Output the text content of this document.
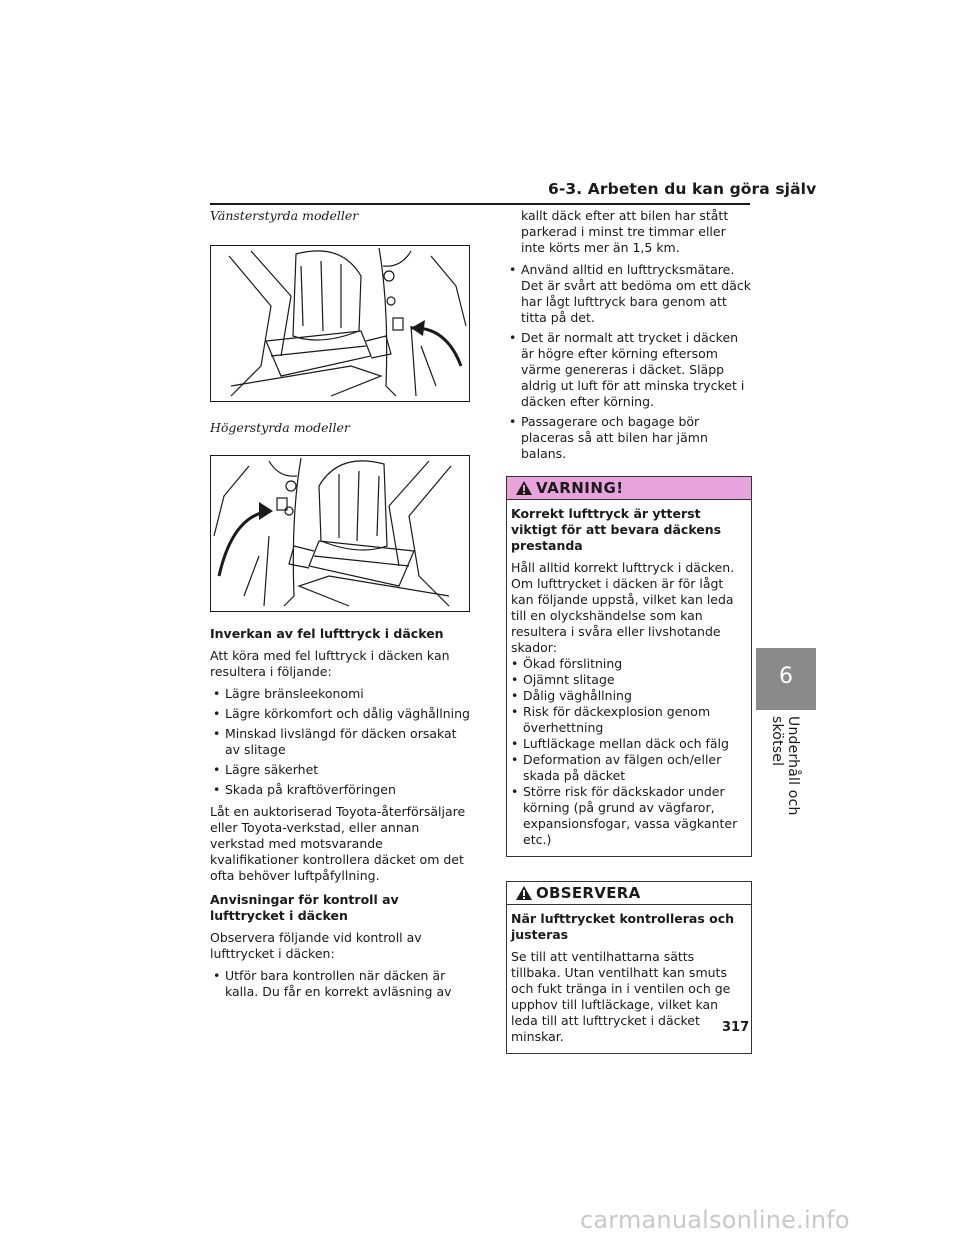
6-3. Arbeten du kan göra själv
6
Underhåll och skötsel

Vänsterstyrda modeller

Högerstyrda modeller

Inverkan av fel lufttryck i däcken

Att köra med fel lufttryck i däcken kan resultera i följande:

• Lägre bränsleekonomi
• Lägre körkomfort och dålig väghållning
• Minskad livslängd för däcken orsakat av slitage
• Lägre säkerhet
• Skada på kraftöverföringen

Låt en auktoriserad Toyota-återförsäljare eller Toyota-verkstad, eller annan verkstad med motsvarande kvalifikationer kontrollera däcket om det ofta behöver luftpåfyllning.

Anvisningar för kontroll av lufttrycket i däcken

Observera följande vid kontroll av lufttrycket i däcken:

• Utför bara kontrollen när däcken är kalla. Du får en korrekt avläsning av

kallt däck efter att bilen har stått parkerad i minst tre timmar eller inte körts mer än 1,5 km.

• Använd alltid en lufttrycksmätare. Det är svårt att bedöma om ett däck har lågt lufttryck bara genom att titta på det.
• Det är normalt att trycket i däcken är högre efter körning eftersom värme genereras i däcket. Släpp aldrig ut luft för att minska trycket i däcken efter körning.
• Passagerare och bagage bör placeras så att bilen har jämn balans.
VARNING!

Korrekt lufttryck är ytterst viktigt för att bevara däckens prestanda

Håll alltid korrekt lufttryck i däcken. Om lufttrycket i däcken är för lågt kan följande uppstå, vilket kan leda till en olyckshändelse som kan resultera i svåra eller livshotande skador:

• Ökad förslitning
• Ojämnt slitage
• Dålig väghållning
• Risk för däckexplosion genom överhettning
• Luftläckage mellan däck och fälg
• Deformation av fälgen och/eller skada på däcket
• Större risk för däckskador under körning (på grund av vägfaror, expansionsfogar, vassa vägkanter etc.)
OBSERVERA

När lufttrycket kontrolleras och justeras

Se till att ventilhattarna sätts tillbaka. Utan ventilhatt kan smuts och fukt tränga in i ventilen och ge upphov till luftläckage, vilket kan leda till att lufttrycket i däcket minskar.

317
carmanualsonline.info
